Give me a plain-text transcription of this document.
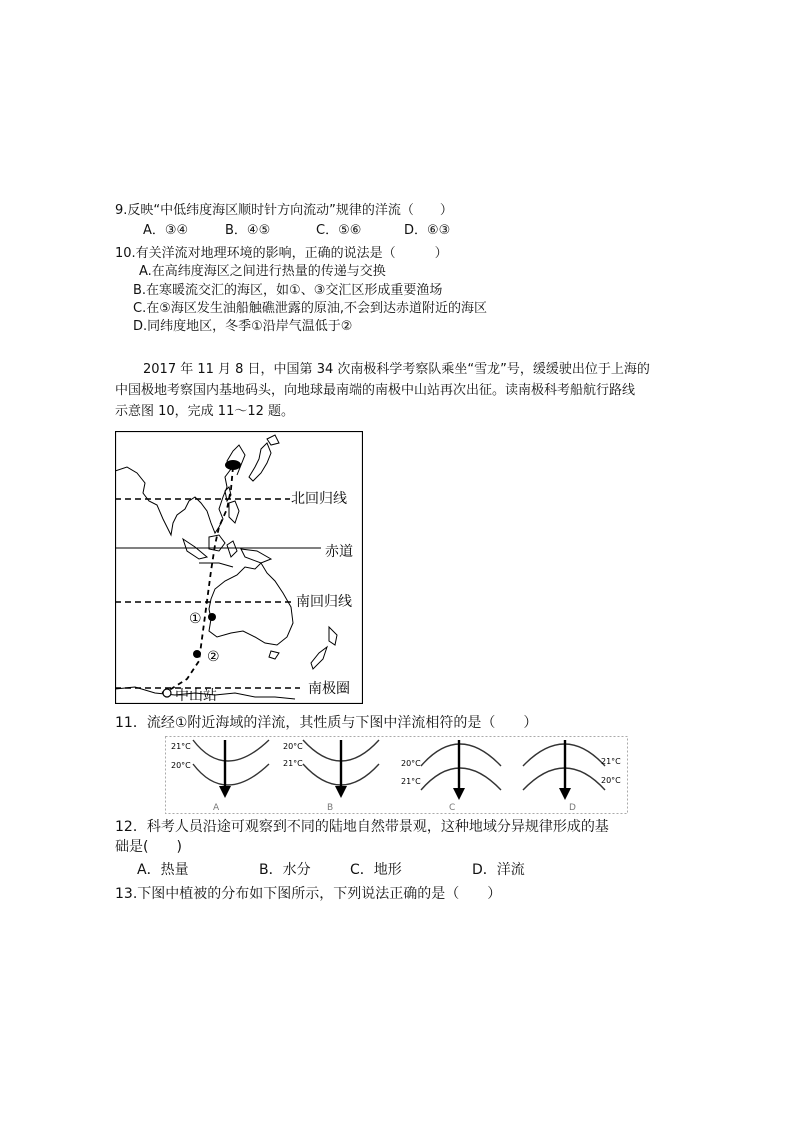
9.反映“中低纬度海区顺时针方向流动”规律的洋流（　　）
A．③④	B．④⑤	C．⑤⑥	D．⑥③
10.有关洋流对地理环境的影响，正确的说法是（　　　）
A.在高纬度海区之间进行热量的传递与交换
B.在寒暖流交汇的海区，如①、③交汇区形成重要渔场
C.在⑤海区发生油船触礁泄露的原油,不会到达赤道附近的海区
D.同纬度地区，冬季①沿岸气温低于②
2017 年 11 月 8 日，中国第 34 次南极科学考察队乘坐“雪龙”号，缓缓驶出位于上海的
中国极地考察国内基地码头，向地球最南端的南极中山站再次出征。读南极科考船航行路线
示意图 10，完成 11～12 题。
北回归线
赤道
南回归线
南极圈
中山站
①
②
11．流经①附近海域的洋流，其性质与下图中洋流相符的是（　　）
21°C
20°C
A
20°C
21°C
B
20°C
21°C
C
21°C
20°C
D
12．科考人员沿途可观察到不同的陆地自然带景观，这种地域分异规律形成的基
础是(　　)
A．热量	B．水分	C．地形	D．洋流
13.下图中植被的分布如下图所示，下列说法正确的是（　　）
